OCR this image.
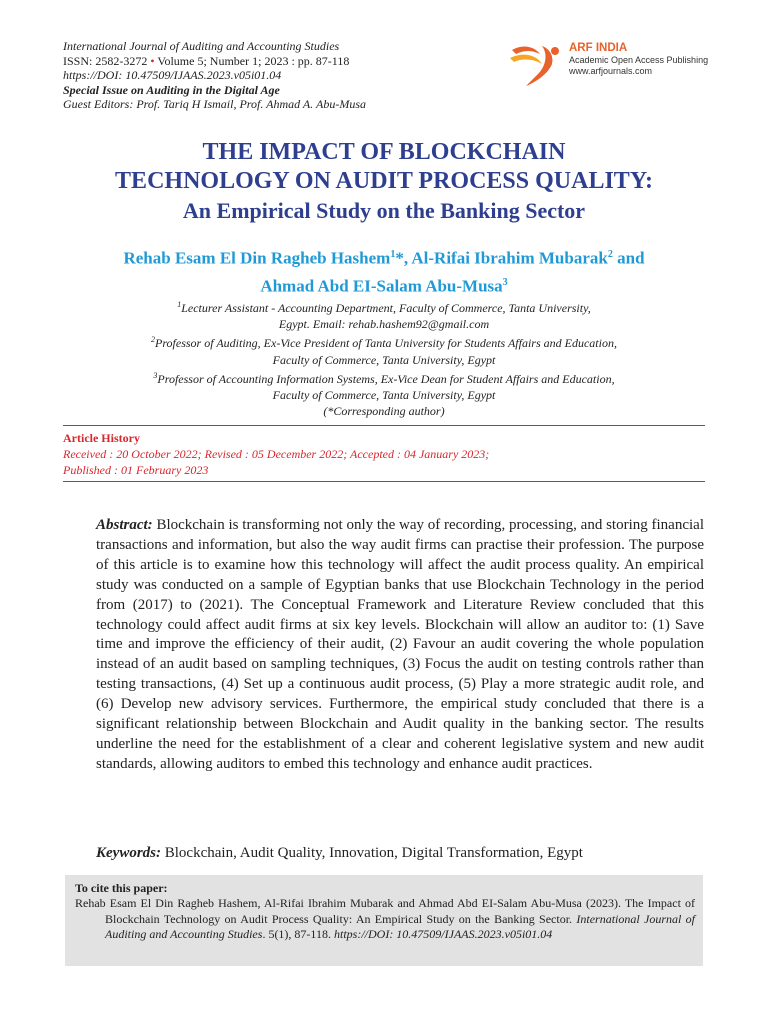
International Journal of Auditing and Accounting Studies
ISSN: 2582-3272 • Volume 5; Number 1; 2023 : pp. 87-118
https://DOI: 10.47509/IJAAS.2023.v05i01.04
Special Issue on Auditing in the Digital Age
Guest Editors: Prof. Tariq H Ismail, Prof. Ahmad A. Abu-Musa
ARF INDIA
Academic Open Access Publishing
www.arfjournals.com
THE IMPACT OF BLOCKCHAIN
TECHNOLOGY ON AUDIT PROCESS QUALITY:
An Empirical Study on the Banking Sector
Rehab Esam El Din Ragheb Hashem$^1$*, Al-Rifai Ibrahim Mubarak$^2$ and
Ahmad Abd EI-Salam Abu-Musa$^3$
$^1$Lecturer Assistant - Accounting Department, Faculty of Commerce, Tanta University,
Egypt. Email: rehab.hashem92@gmail.com
$^2$Professor of Auditing, Ex-Vice President of Tanta University for Students Affairs and Education,
Faculty of Commerce, Tanta University, Egypt
$^3$Professor of Accounting Information Systems, Ex-Vice Dean for Student Affairs and Education,
Faculty of Commerce, Tanta University, Egypt
(*Corresponding author)
Article History
Received : 20 October 2022; Revised : 05 December 2022; Accepted : 04 January 2023;
Published : 01 February 2023
Abstract: Blockchain is transforming not only the way of recording, processing, and storing financial transactions and information, but also the way audit firms can practise their profession. The purpose of this article is to examine how this technology will affect the audit process quality. An empirical study was conducted on a sample of Egyptian banks that use Blockchain Technology in the period from (2017) to (2021). The Conceptual Framework and Literature Review concluded that this technology could affect audit firms at six key levels. Blockchain will allow an auditor to: (1) Save time and improve the efficiency of their audit, (2) Favour an audit covering the whole population instead of an audit based on sampling techniques, (3) Focus the audit on testing controls rather than testing transactions, (4) Set up a continuous audit process, (5) Play a more strategic audit role, and (6) Develop new advisory services. Furthermore, the empirical study concluded that there is a significant relationship between Blockchain and Audit quality in the banking sector. The results underline the need for the establishment of a clear and coherent legislative system and new audit standards, allowing auditors to embed this technology and enhance audit practices.
Keywords: Blockchain, Audit Quality, Innovation, Digital Transformation, Egypt
To cite this paper:
Rehab Esam El Din Ragheb Hashem, Al-Rifai Ibrahim Mubarak and Ahmad Abd EI-Salam Abu-Musa (2023). The Impact of Blockchain Technology on Audit Process Quality: An Empirical Study on the Banking Sector. International Journal of Auditing and Accounting Studies. 5(1), 87-118. https://DOI: 10.47509/IJAAS.2023.v05i01.04
